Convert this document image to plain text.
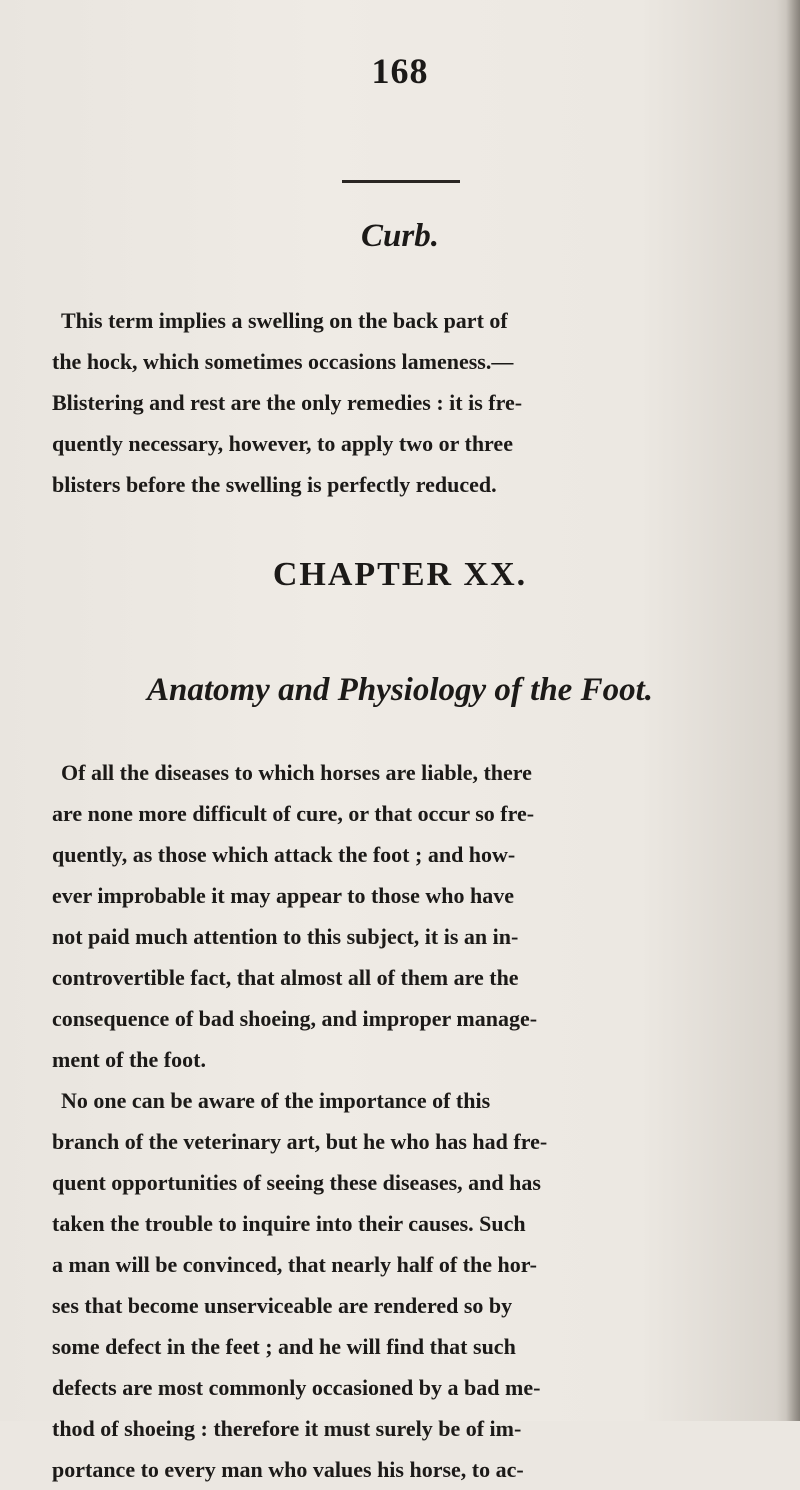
168
Curb.
This term implies a swelling on the back part of
the hock, which sometimes occasions lameness.—
Blistering and rest are the only remedies : it is fre-
quently necessary, however, to apply two or three
blisters before the swelling is perfectly reduced.
CHAPTER XX.
Anatomy and Physiology of the Foot.
Of all the diseases to which horses are liable, there
are none more difficult of cure, or that occur so fre-
quently, as those which attack the foot ; and how-
ever improbable it may appear to those who have
not paid much attention to this subject, it is an in-
controvertible fact, that almost all of them are the
consequence of bad shoeing, and improper manage-
ment of the foot.
No one can be aware of the importance of this
branch of the veterinary art, but he who has had fre-
quent opportunities of seeing these diseases, and has
taken the trouble to inquire into their causes. Such
a man will be convinced, that nearly half of the hor-
ses that become unserviceable are rendered so by
some defect in the feet ; and he will find that such
defects are most commonly occasioned by a bad me-
thod of shoeing : therefore it must surely be of im-
portance to every man who values his horse, to ac-
